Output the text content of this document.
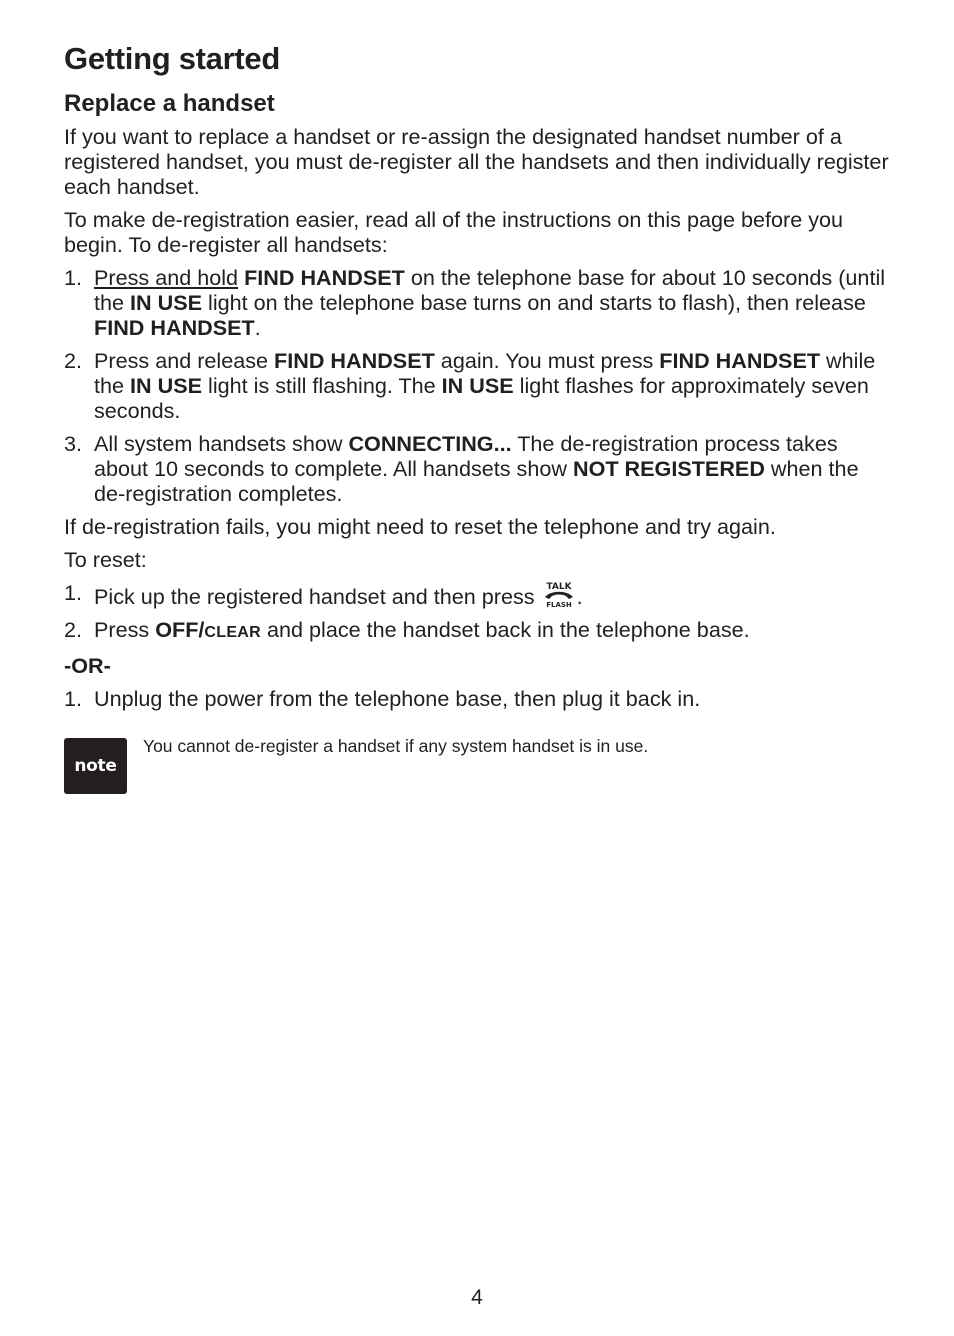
Getting started
Replace a handset

If you want to replace a handset or re-assign the designated handset number of a registered handset, you must de-register all the handsets and then individually register each handset.

To make de-registration easier, read all of the instructions on this page before you begin. To de-register all handsets:

1. Press and hold FIND HANDSET on the telephone base for about 10 seconds (until the IN USE light on the telephone base turns on and starts to flash), then release FIND HANDSET.
2. Press and release FIND HANDSET again. You must press FIND HANDSET while the IN USE light is still flashing. The IN USE light flashes for approximately seven seconds.
3. All system handsets show CONNECTING... The de-registration process takes about 10 seconds to complete. All handsets show NOT REGISTERED when the de-registration completes.

If de-registration fails, you might need to reset the telephone and try again.

To reset:

1. Pick up the registered handset and then press TALK
FLASH .
2. Press OFF/CLEAR and place the handset back in the telephone base.

-OR-

1. Unplug the power from the telephone base, then plug it back in.
note
You cannot de-register a handset if any system handset is in use.
4
